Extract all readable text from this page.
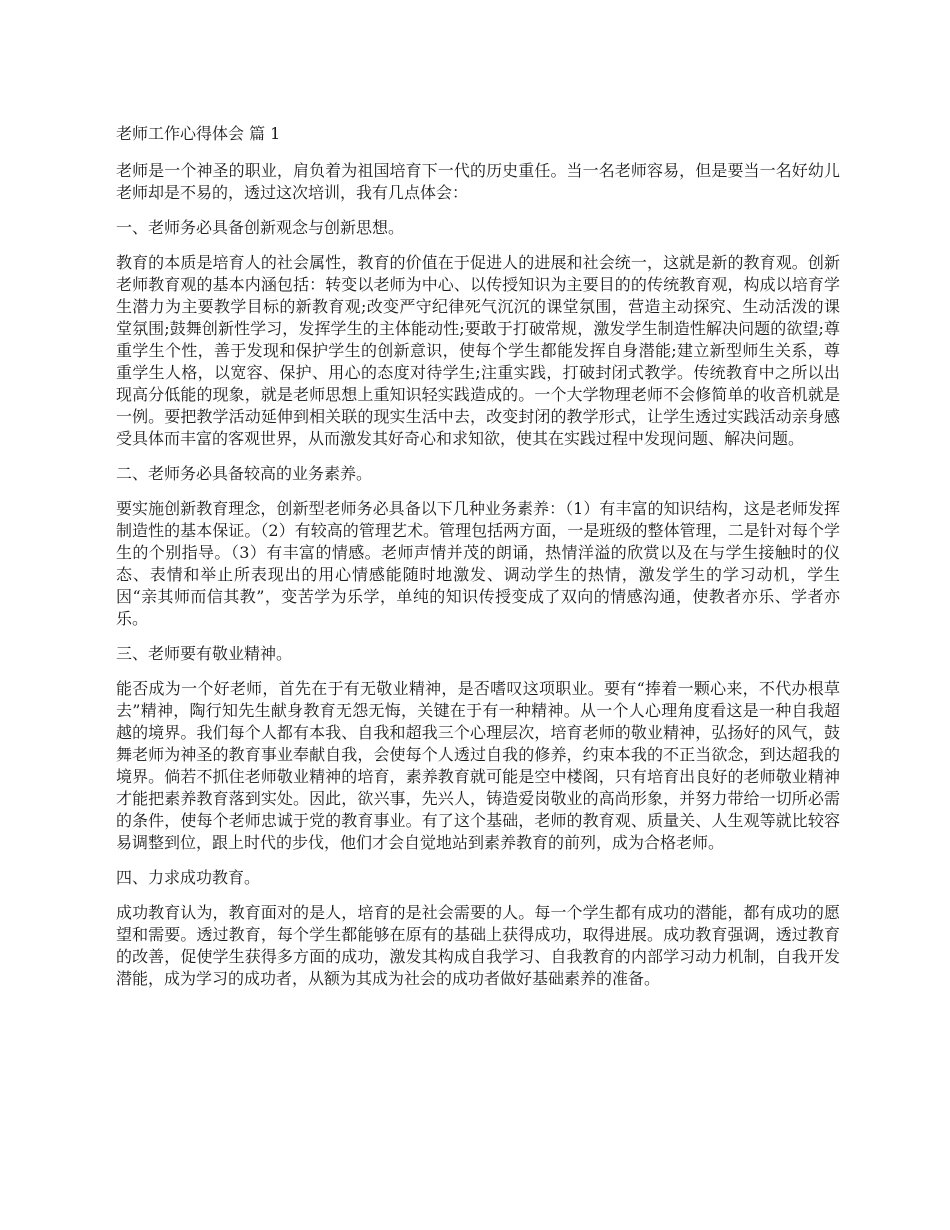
老师工作心得体会 篇 1

老师是一个神圣的职业，肩负着为祖国培育下一代的历史重任。当一名老师容易，但是要当一名好幼儿老师却是不易的，透过这次培训，我有几点体会：

一、老师务必具备创新观念与创新思想。

教育的本质是培育人的社会属性，教育的价值在于促进人的进展和社会统一，这就是新的教育观。创新老师教育观的基本内涵包括：转变以老师为中心、以传授知识为主要目的的传统教育观，构成以培育学生潜力为主要教学目标的新教育观;改变严守纪律死气沉沉的课堂氛围，营造主动探究、生动活泼的课堂氛围;鼓舞创新性学习，发挥学生的主体能动性;要敢于打破常规，激发学生制造性解决问题的欲望;尊重学生个性，善于发现和保护学生的创新意识，使每个学生都能发挥自身潜能;建立新型师生关系，尊重学生人格，以宽容、保护、用心的态度对待学生;注重实践，打破封闭式教学。传统教育中之所以出现高分低能的现象，就是老师思想上重知识轻实践造成的。一个大学物理老师不会修简单的收音机就是一例。要把教学活动延伸到相关联的现实生活中去，改变封闭的教学形式，让学生透过实践活动亲身感受具体而丰富的客观世界，从而激发其好奇心和求知欲，使其在实践过程中发现问题、解决问题。

二、老师务必具备较高的业务素养。

要实施创新教育理念，创新型老师务必具备以下几种业务素养：（1）有丰富的知识结构，这是老师发挥制造性的基本保证。（2）有较高的管理艺术。管理包括两方面，一是班级的整体管理，二是针对每个学生的个别指导。（3）有丰富的情感。老师声情并茂的朗诵，热情洋溢的欣赏以及在与学生接触时的仪态、表情和举止所表现出的用心情感能随时地激发、调动学生的热情，激发学生的学习动机，学生因“亲其师而信其教”，变苦学为乐学，单纯的知识传授变成了双向的情感沟通，使教者亦乐、学者亦乐。

三、老师要有敬业精神。

能否成为一个好老师，首先在于有无敬业精神，是否嗜叹这项职业。要有“捧着一颗心来，不代办根草去”精神，陶行知先生献身教育无怨无悔，关键在于有一种精神。从一个人心理角度看这是一种自我超越的境界。我们每个人都有本我、自我和超我三个心理层次，培育老师的敬业精神，弘扬好的风气，鼓舞老师为神圣的教育事业奉献自我，会使每个人透过自我的修养，约束本我的不正当欲念，到达超我的境界。倘若不抓住老师敬业精神的培育，素养教育就可能是空中楼阁，只有培育出良好的老师敬业精神才能把素养教育落到实处。因此，欲兴事，先兴人，铸造爱岗敬业的高尚形象，并努力带给一切所必需的条件，使每个老师忠诚于党的教育事业。有了这个基础，老师的教育观、质量关、人生观等就比较容易调整到位，跟上时代的步伐，他们才会自觉地站到素养教育的前列，成为合格老师。

四、力求成功教育。

成功教育认为，教育面对的是人，培育的是社会需要的人。每一个学生都有成功的潜能，都有成功的愿望和需要。透过教育，每个学生都能够在原有的基础上获得成功，取得进展。成功教育强调，透过教育的改善，促使学生获得多方面的成功，激发其构成自我学习、自我教育的内部学习动力机制，自我开发潜能，成为学习的成功者，从额为其成为社会的成功者做好基础素养的准备。
